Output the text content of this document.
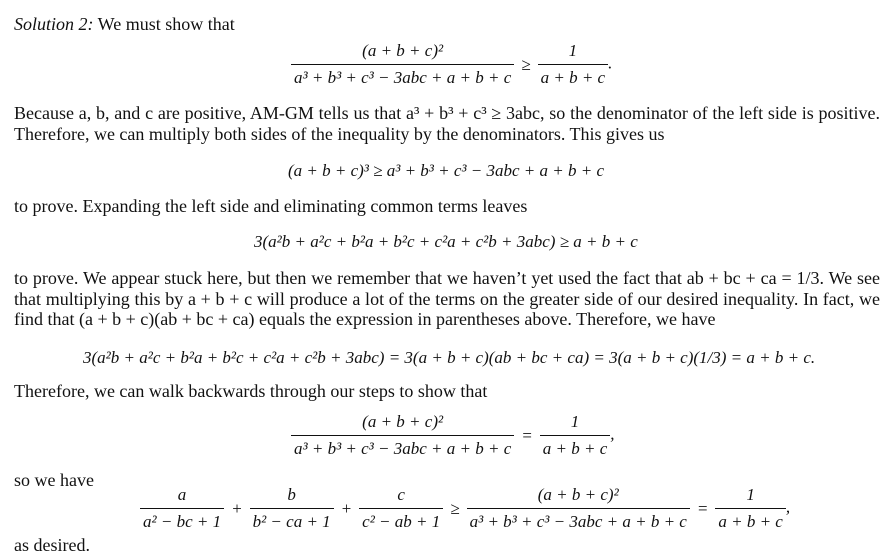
Solution 2: We must show that

$\frac{\text{(a + b + c)²}}{\text{a³ + b³ + c³ − 3abc + a + b + c}} \ge \frac{1}{a + b + c}$ .

Because a, b, and c are positive, AM-GM tells us that a³ + b³ + c³ ≥ 3abc, so the denominator of the left side is positive. Therefore, we can multiply both sides of the inequality by the denominators. This gives us

(a + b + c)³ ≥ a³ + b³ + c³ − 3abc + a + b + c

to prove. Expanding the left side and eliminating common terms leaves

3(a²b + a²c + b²a + b²c + c²a + c²b + 3abc) ≥ a + b + c

to prove. We appear stuck here, but then we remember that we haven’t yet used the fact that ab + bc + ca = 1/3. We see that multiplying this by a + b + c will produce a lot of the terms on the greater side of our desired inequality. In fact, we find that (a + b + c)(ab + bc + ca) equals the expression in parentheses above. Therefore, we have

3(a²b + a²c + b²a + b²c + c²a + c²b + 3abc) = 3(a + b + c)(ab + bc + ca) = 3(a + b + c)(1/3) = a + b + c.

Therefore, we can walk backwards through our steps to show that

$\frac{\text{(a + b + c)²}}{\text{a³ + b³ + c³ − 3abc + a + b + c}} = \frac{1}{a + b + c}$ ,

so we have

$\frac{a}{\text{a² − bc + 1}} + \frac{b}{\text{b² − ca + 1}} + \frac{c}{\text{c² − ab + 1}} \ge \frac{\text{(a + b + c)²}}{\text{a³ + b³ + c³ − 3abc + a + b + c}} = \frac{1}{a + b + c}$ ,

as desired.
